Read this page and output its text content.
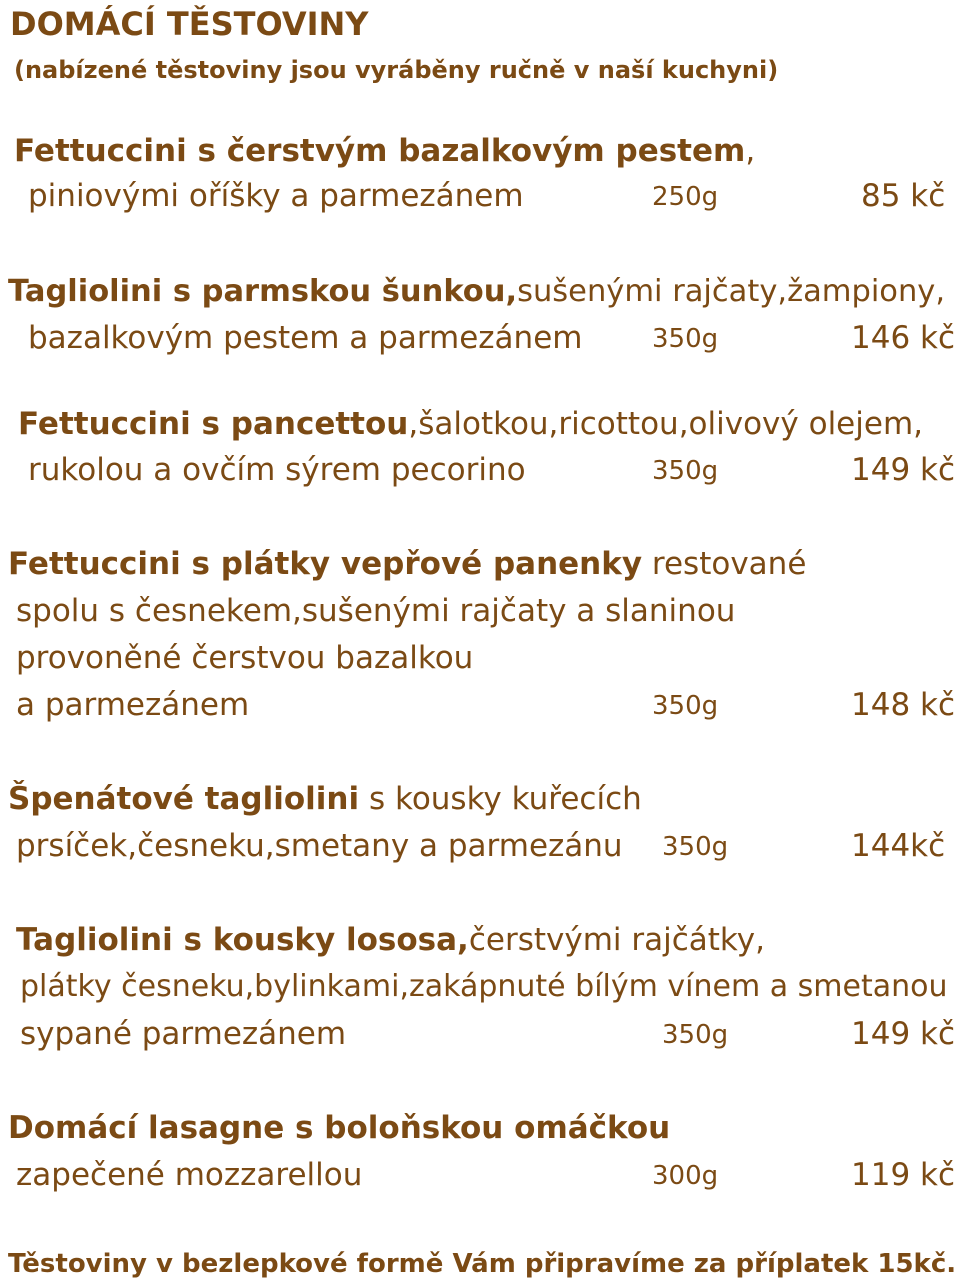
DOMÁCÍ TĚSTOVINY
(nabízené těstoviny jsou vyráběny ručně v naší kuchyni)
Fettuccini s čerstvým bazalkovým pestem,
piniovými oříšky a parmezánem	250g	85 kč
Tagliolini s parmskou šunkou,sušenými rajčaty,žampiony,
bazalkovým pestem a parmezánem	350g	146 kč
Fettuccini s pancettou,šalotkou,ricottou,olivový olejem,
rukolou a ovčím sýrem pecorino	350g	149 kč
Fettuccini s plátky vepřové panenky restované
spolu s česnekem,sušenými rajčaty a slaninou
provoněné čerstvou bazalkou
a parmezánem	350g	148 kč
Špenátové tagliolini s kousky kuřecích
prsíček,česneku,smetany a parmezánu 350g	144kč
Tagliolini s kousky lososa,čerstvými rajčátky,
plátky česneku,bylinkami,zakápnuté bílým vínem a smetanou
sypané parmezánem	350g	149 kč
Domácí lasagne s boloňskou omáčkou
zapečené mozzarellou	300g	119 kč
Těstoviny v bezlepkové formě Vám připravíme za příplatek 15kč.
